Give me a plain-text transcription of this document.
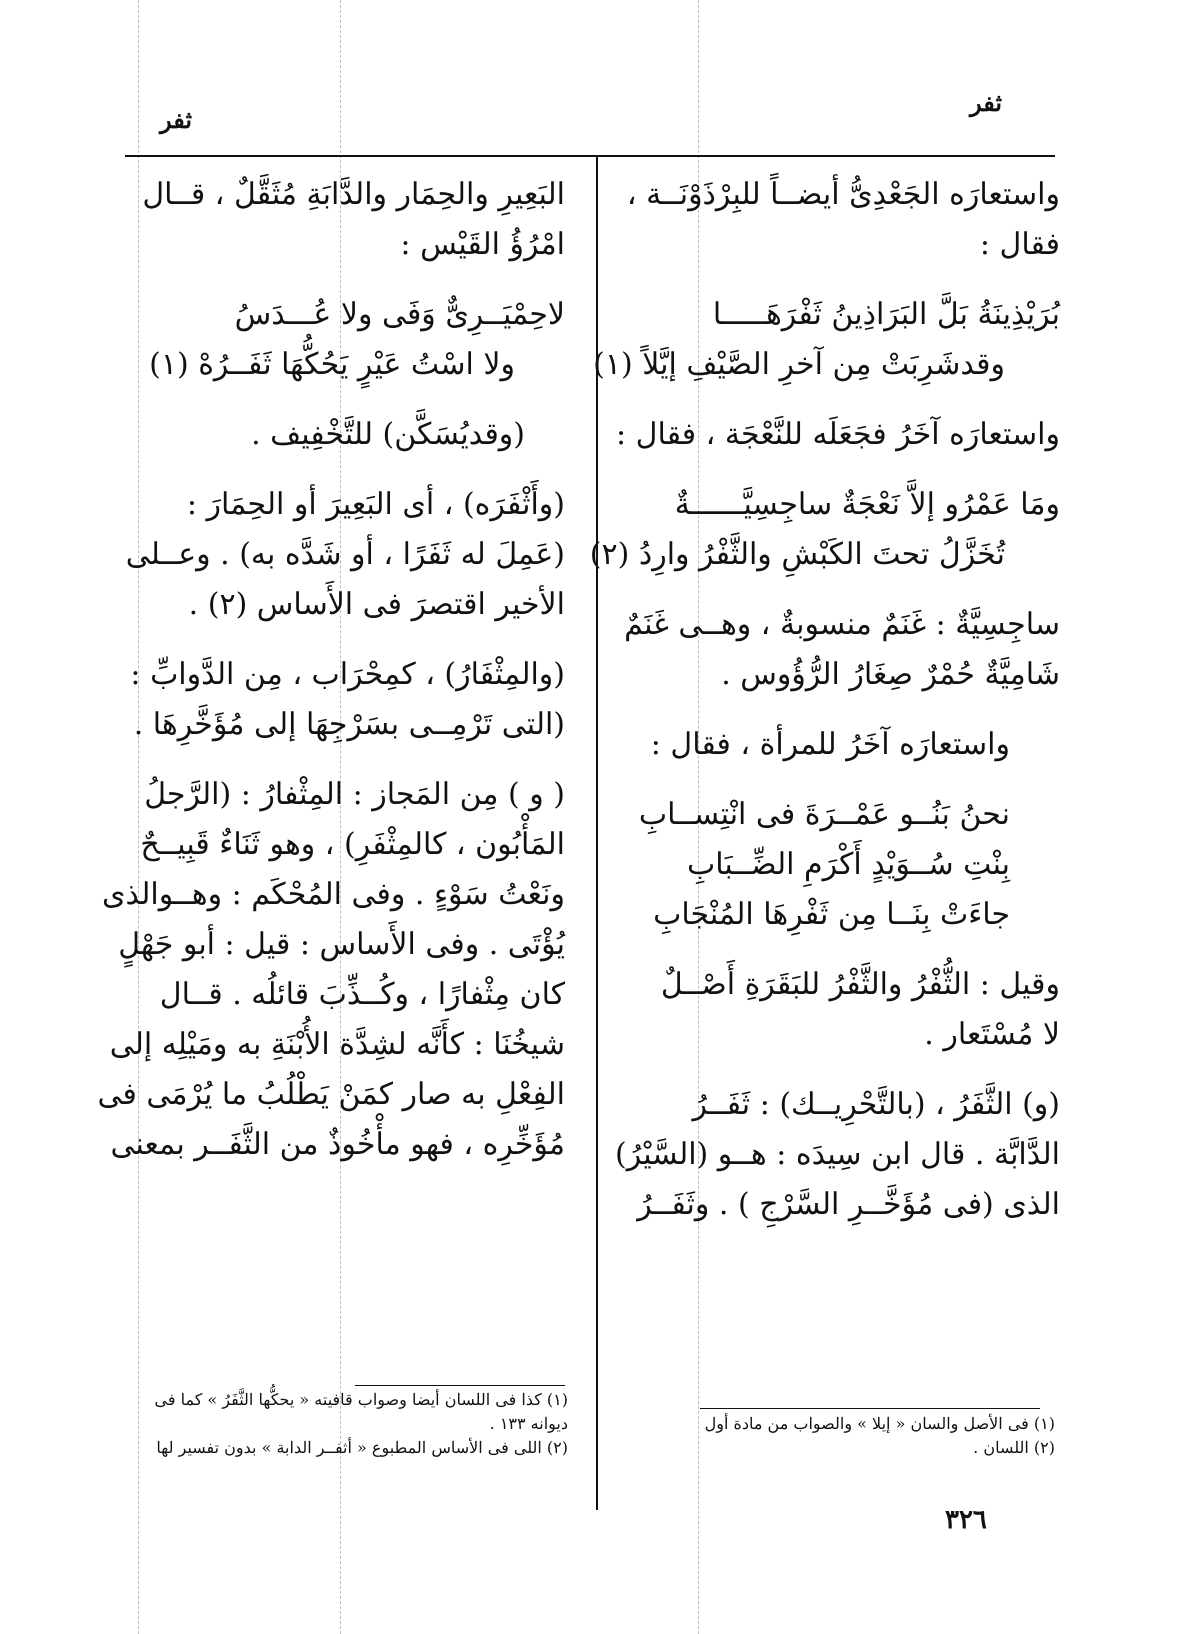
ثفر
ثفر
واستعارَه الجَعْدِىُّ أيضــاً للبِرْذَوْنَــة ،
فقال :
بُرَيْذِينَةُ بَلَّ البَرَاذِينُ ثَفْرَهَـــــا
وقدشَرِبَتْ مِن آخرِ الصَّيْفِ إيَّلاً (١)
واستعارَه آخَرُ فجَعَلَه للنَّعْجَة ، فقال :
ومَا عَمْرُو إلاَّ نَعْجَةٌ ساجِسِيَّــــــةٌ
تُخَزَّلُ تحتَ الكَبْشِ والثَّفْرُ وارِدُ (٢)
ساجِسِيَّةٌ : غَنَمٌ منسوبةٌ ، وهــى غَنَمٌ
شَامِيَّةٌ حُمْرٌ صِغَارُ الرُّؤُوس .
واستعارَه آخَرُ للمرأة ، فقال :
نحنُ بَنُــو عَمْــرَةَ فى انْتِســابِ
بِنْتِ سُــوَيْدٍ أَكْرَمِ الضِّــبَابِ
جاءَتْ بِنَــا مِن ثَفْرِهَا المُنْجَابِ
وقيل : الثُّفْرُ والثَّفْرُ للبَقَرَةِ أَصْــلٌ
لا مُسْتَعار .
(و) الثَّفَرُ ، (بالتَّحْرِيــك) : ثَفَــرُ
الدَّابَّة . قال ابن سِيدَه : هــو (السَّيْرُ)
الذى (فى مُؤَخَّــرِ السَّرْجِ ) . وثَفَــرُ
البَعِيرِ والحِمَار والدَّابَةِ مُثَقَّلٌ ، قــال
امْرُؤُ القَيْس :
لاحِمْيَــرِىٌّ وَفَى ولا عُـــدَسُ
ولا اسْتُ عَيْرٍ يَحُكُّهَا ثَفَــرُهْ (١)
(وقديُسَكَّن) للتَّخْفِيف .
(وأَثْفَرَه) ، أى البَعِيرَ أو الحِمَارَ :
(عَمِلَ له ثَفَرًا ، أو شَدَّه به) . وعــلى
الأخير اقتصرَ فى الأَساس (٢) .
(والمِثْفَارُ) ، كمِحْرَاب ، مِن الدَّوابِّ :
(التى تَرْمِــى بسَرْجِهَا إلى مُؤَخَّرِهَا .
( و ) مِن المَجاز : المِثْفارُ : (الرَّجلُ
المَأْبُون ، كالمِثْفَرِ) ، وهو ثَنَاءٌ قَبِيــحٌ
ونَعْتُ سَوْءٍ . وفى المُحْكَم : وهــوالذى
يُؤْتَى . وفى الأَساس : قيل : أبو جَهْلٍ
كان مِثْفارًا ، وكُــذِّبَ قائلُه . قــال
شيخُنَا : كأَنَّه لشِدَّة الأُبْنَةِ به ومَيْلِه إلى
الفِعْلِ به صار كمَنْ يَطْلُبُ ما يُرْمَى فى
مُؤَخِّرِه ، فهو مأْخُوذٌ من الثَّفَــر بمعنى
(١) فى الأصل والسان « إيلا » والصواب من مادة أول
(٢) اللسان .
(١) كذا فى اللسان أيضا وصواب قافيته « يحكُّها الثَّفَرُ » كما فى ديوانه ١٣٣ .
(٢) اللى فى الأساس المطبوع « أثفــر الدابة » بدون تفسير لها
٣٢٦
